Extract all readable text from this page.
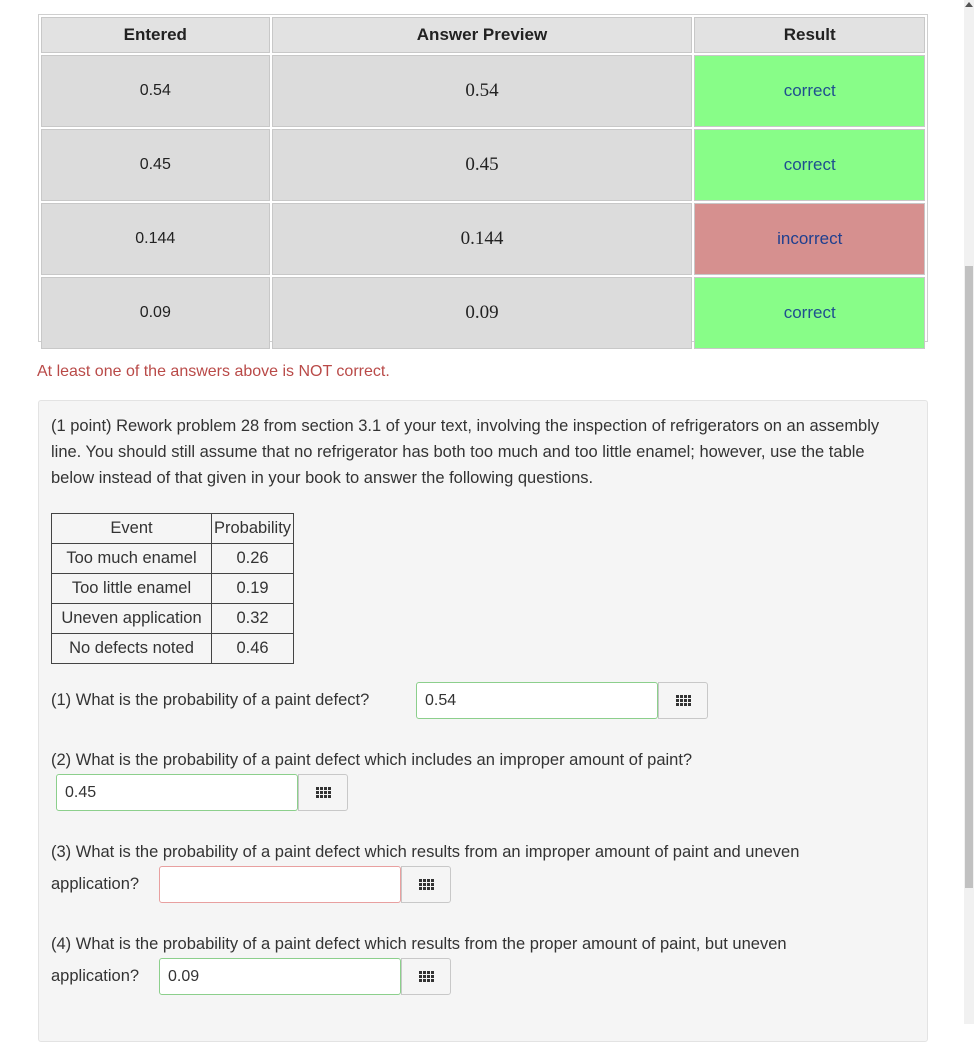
Entered	Answer Preview	Result
0.54	0.54	correct
0.45	0.45	correct
0.144	0.144	incorrect
0.09	0.09	correct
At least one of the answers above is NOT correct.
(1 point) Rework problem 28 from section 3.1 of your text, involving the inspection of refrigerators on an assembly line. You should still assume that no refrigerator has both too much and too little enamel; however, use the table below instead of that given in your book to answer the following questions.
Event	Probability
Too much enamel	0.26
Too little enamel	0.19
Uneven application	0.32
No defects noted	0.46
(1) What is the probability of a paint defect?	0.54
(2) What is the probability of a paint defect which includes an improper amount of paint?
0.45
(3) What is the probability of a paint defect which results from an improper amount of paint and uneven
application?
(4) What is the probability of a paint defect which results from the proper amount of paint, but uneven
application?	0.09
